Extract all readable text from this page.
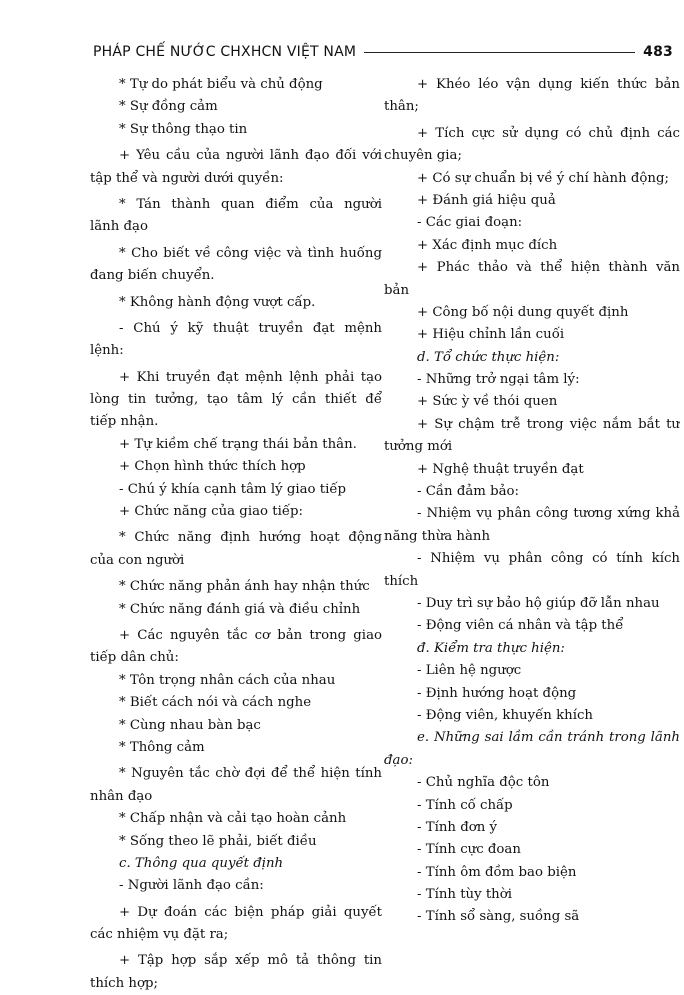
PHÁP CHẾ NƯỚC CHXHCN VIỆT NAM	483
* Tự do phát biểu và chủ động
* Sự đồng cảm
* Sự thông thạo tin
+ Yêu cầu của người lãnh đạo đối với
tập thể và người dưới quyền:
* Tán thành quan điểm của người
lãnh đạo
* Cho biết về công việc và tình huống
đang biến chuyển.
* Không hành động vượt cấp.
- Chú ý kỹ thuật truyền đạt mệnh
lệnh:
+ Khi truyền đạt mệnh lệnh phải tạo
lòng tin tưởng, tạo tâm lý cần thiết để
tiếp nhận.
+ Tự kiềm chế trạng thái bản thân.
+ Chọn hình thức thích hợp
- Chú ý khía cạnh tâm lý giao tiếp
+ Chức năng của giao tiếp:
* Chức năng định hướng hoạt động
của con người
* Chức năng phản ánh hay nhận thức
* Chức năng đánh giá và điều chỉnh
+ Các nguyên tắc cơ bản trong giao
tiếp dân chủ:
* Tôn trọng nhân cách của nhau
* Biết cách nói và cách nghe
* Cùng nhau bàn bạc
* Thông cảm
* Nguyên tắc chờ đợi để thể hiện tính
nhân đạo
* Chấp nhận và cải tạo hoàn cảnh
* Sống theo lẽ phải, biết điều
c. Thông qua quyết định
- Người lãnh đạo cần:
+ Dự đoán các biện pháp giải quyết
các nhiệm vụ đặt ra;
+ Tập hợp sắp xếp mô tả thông tin
thích hợp;
+ Khéo léo vận dụng kiến thức bản
thân;
+ Tích cực sử dụng có chủ định các
chuyên gia;
+ Có sự chuẩn bị về ý chí hành động;
+ Đánh giá hiệu quả
- Các giai đoạn:
+ Xác định mục đích
+ Phác thảo và thể hiện thành văn
bản
+ Công bố nội dung quyết định
+ Hiệu chỉnh lần cuối
d. Tổ chức thực hiện:
- Những trở ngại tâm lý:
+ Sức ỳ về thói quen
+ Sự chậm trễ trong việc nắm bắt tư
tưởng mới
+ Nghệ thuật truyền đạt
- Cần đảm bảo:
- Nhiệm vụ phân công tương xứng khả
năng thừa hành
- Nhiệm vụ phân công có tính kích
thích
- Duy trì sự bảo hộ giúp đỡ lẫn nhau
- Động viên cá nhân và tập thể
đ. Kiểm tra thực hiện:
- Liên hệ ngược
- Định hướng hoạt động
- Động viên, khuyến khích
e. Những sai lầm cần tránh trong lãnh
đạo:
- Chủ nghĩa độc tôn
- Tính cố chấp
- Tính đơn ý
- Tính cực đoan
- Tính ôm đồm bao biện
- Tính tùy thời
- Tính sổ sàng, suồng sã
